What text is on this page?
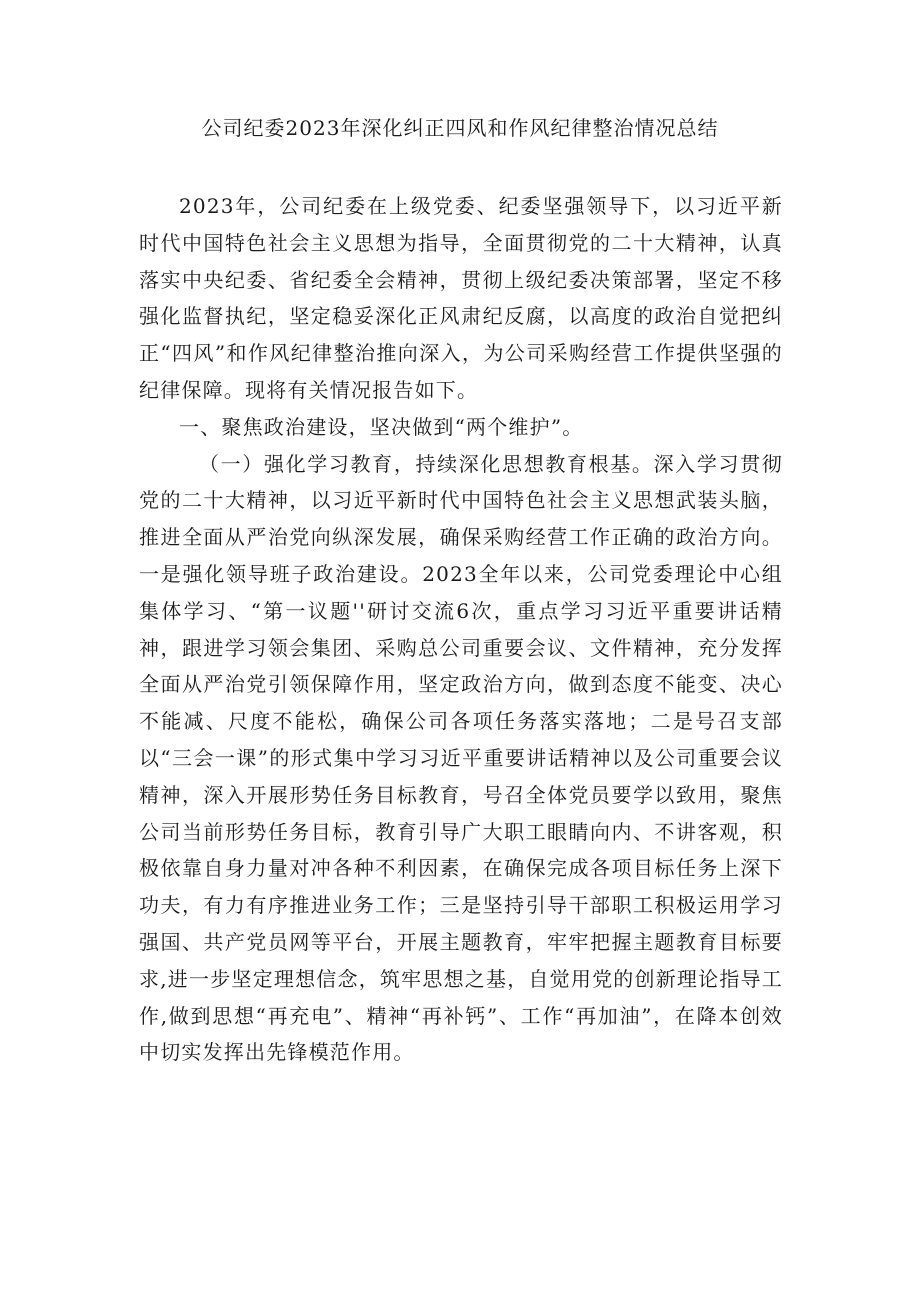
公司纪委2023年深化纠正四风和作风纪律整治情况总结

2023年，公司纪委在上级党委、纪委坚强领导下，以习近平新时代中国特色社会主义思想为指导，全面贯彻党的二十大精神，认真落实中央纪委、省纪委全会精神，贯彻上级纪委决策部署，坚定不移强化监督执纪，坚定稳妥深化正风肃纪反腐，以高度的政治自觉把纠正“四风”和作风纪律整治推向深入，为公司采购经营工作提供坚强的纪律保障。现将有关情况报告如下。

一、聚焦政治建设，坚决做到“两个维护”。

（一）强化学习教育，持续深化思想教育根基。深入学习贯彻党的二十大精神，以习近平新时代中国特色社会主义思想武装头脑，推进全面从严治党向纵深发展，确保采购经营工作正确的政治方向。一是强化领导班子政治建设。2023全年以来，公司党委理论中心组集体学习、“第一议题''研讨交流6次，重点学习习近平重要讲话精神，跟进学习领会集团、采购总公司重要会议、文件精神，充分发挥全面从严治党引领保障作用，坚定政治方向，做到态度不能变、决心不能减、尺度不能松，确保公司各项任务落实落地；二是号召支部以“三会一课”的形式集中学习习近平重要讲话精神以及公司重要会议精神，深入开展形势任务目标教育，号召全体党员要学以致用，聚焦公司当前形势任务目标，教育引导广大职工眼睛向内、不讲客观，积极依靠自身力量对冲各种不利因素，在确保完成各项目标任务上深下功夫，有力有序推进业务工作；三是坚持引导干部职工积极运用学习强国、共产党员网等平台，开展主题教育，牢牢把握主题教育目标要求,进一步坚定理想信念，筑牢思想之基，自觉用党的创新理论指导工作,做到思想“再充电”、精神“再补钙”、工作“再加油”，在降本创效中切实发挥出先锋模范作用。
